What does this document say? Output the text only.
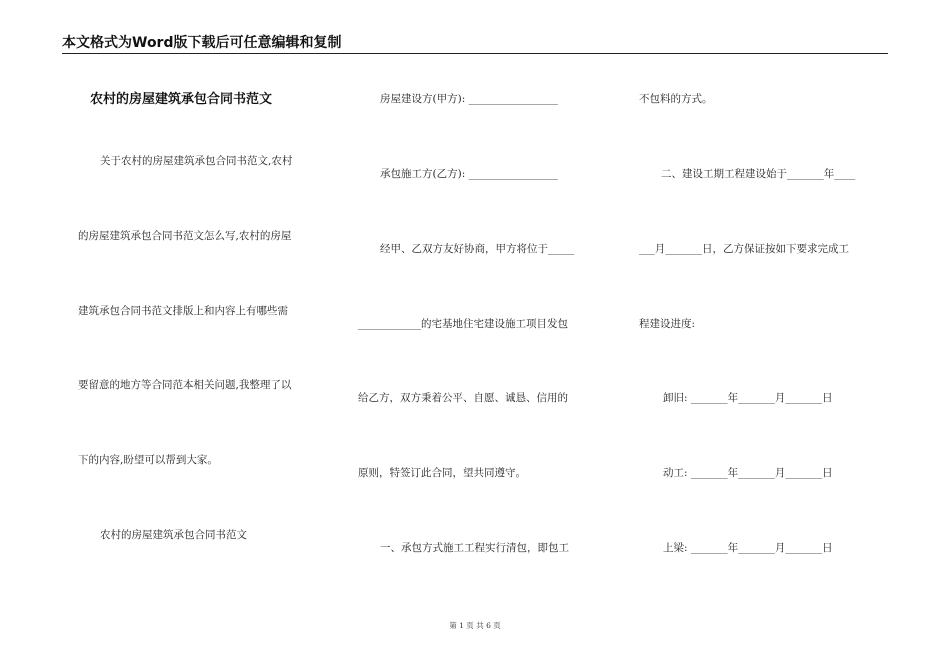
本文格式为Word版下载后可任意编辑和复制
农村的房屋建筑承包合同书范文
关于农村的房屋建筑承包合同书范文,农村
的房屋建筑承包合同书范文怎么写,农村的房屋
建筑承包合同书范文排版上和内容上有哪些需
要留意的地方等合同范本相关问题,我整理了以
下的内容,盼望可以帮到大家。
农村的房屋建筑承包合同书范文
房屋建设方(甲方): _________________
承包施工方(乙方): _________________
经甲、乙双方友好协商，甲方将位于_____
____________的宅基地住宅建设施工项目发包
给乙方，双方秉着公平、自愿、诚恳、信用的
原则，特签订此合同，望共同遵守。
一、承包方式施工工程实行清包，即包工
不包料的方式。
二、建设工期工程建设始于_______年____
___月_______日，乙方保证按如下要求完成工
程建设进度:
卸旧: _______年_______月_______日
动工: _______年_______月_______日
上梁: _______年_______月_______日
第 1 页 共 6 页
